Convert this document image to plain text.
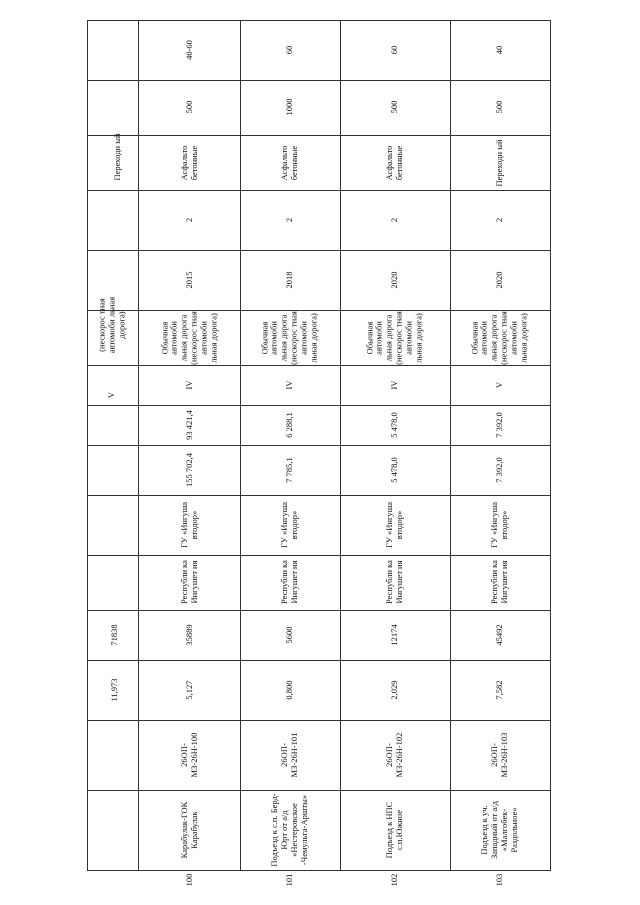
Переходн ый
(нескорос тная автомоби льная дорога)
V
71838
11,973
40-60
500
Асфальто бетонные
2
2015
Обычная автомоби льная дорога (нескорос тная автомоби льная дорога)
IV
93 421,4
155 702,4
ГУ «Ингуша втодор»
Республи ка Ингушет ия
35889
5,127
26ОП-МЗ-26Н-100
Карабулак-ГОК Карабулак
100
60
1000
Асфальто бетонные
2
2018
Обычная автомоби льная дорога (нескорос тная автомоби льная дорога)
IV
6 288,1
7 785,1
ГУ «Ингуша втодор»
Республи ка Ингушет ия
5600
0,800
26ОП-МЗ-26Н-101
Подъезд к с.п. Берд-Юрт от а/д «Нестеровское -Чемульга-Аршты»
101
60
500
Асфальто бетонные
2
2020
Обычная автомоби льная дорога (нескорос тная автомоби льная дорога)
IV
5 478,0
5 478,0
ГУ «Ингуша втодор»
Республи ка Ингушет ия
12174
2,029
26ОП-МЗ-26Н-102
Подъезд к НПС с.п.Южное
102
40
500
Переходн ый
2
2020
Обычная автомоби льная дорога (нескорос тная автомоби льная дорога)
V
7 392,0
7 392,0
ГУ «Ингуша втодор»
Республи ка Ингушет ия
45492
7,582
26ОП-МЗ-26Н-103
Подъезд к уч. Западный от а/д «Малгобек-Раздольное»
103
